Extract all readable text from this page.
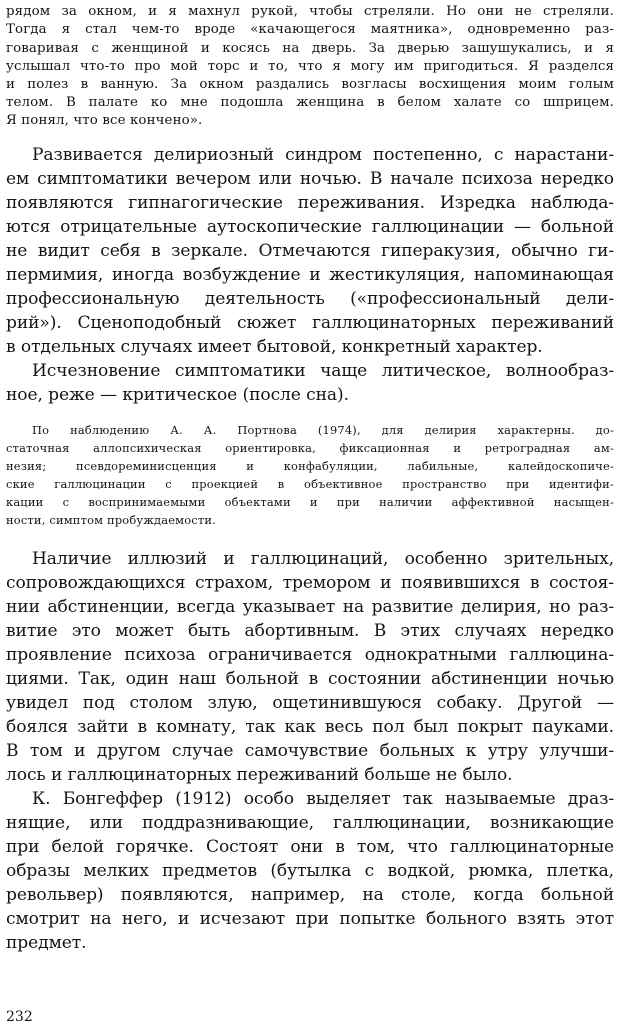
рядом за окном, и я махнул рукой, чтобы стреляли. Но они не стреляли.
Тогда я стал чем-то вроде «качающегося маятника», одновременно раз-
говаривая с женщиной и косясь на дверь. За дверью зашушукались, и я
услышал что-то про мой торс и то, что я могу им пригодиться. Я разделся
и полез в ванную. За окном раздались возгласы восхищения моим голым
телом. В палате ко мне подошла женщина в белом халате со шприцем.
Я понял, что все кончено».
Развивается делириозный синдром постепенно, с нарастани-
ем симптоматики вечером или ночью. В начале психоза нередко
появляются гипнагогические переживания. Изредка наблюда-
ются отрицательные аутоскопические галлюцинации — больной
не видит себя в зеркале. Отмечаются гиперакузия, обычно ги-
пермимия, иногда возбуждение и жестикуляция, напоминающая
профессиональную деятельность («профессиональный дели-
рий»). Сценоподобный сюжет галлюцинаторных переживаний
в отдельных случаях имеет бытовой, конкретный характер.
Исчезновение симптоматики чаще литическое, волнообраз-
ное, реже — критическое (после сна).
По наблюдению А. А. Портнова (1974), для делирия характерны. до-
статочная аллопсихическая ориентировка, фиксационная и ретроградная ам-
незия; псевдореминисценция и конфабуляции, лабильные, калейдоскопиче-
ские галлюцинации с проекцией в объективное пространство при идентифи-
кации с воспринимаемыми объектами и при наличии аффективной насыщен-
ности, симптом пробуждаемости.
Наличие иллюзий и галлюцинаций, особенно зрительных,
сопровождающихся страхом, тремором и появившихся в состоя-
нии абстиненции, всегда указывает на развитие делирия, но раз-
витие это может быть абортивным. В этих случаях нередко
проявление психоза ограничивается однократными галлюцина-
циями. Так, один наш больной в состоянии абстиненции ночью
увидел под столом злую, ощетинившуюся собаку. Другой —
боялся зайти в комнату, так как весь пол был покрыт пауками.
В том и другом случае самочувствие больных к утру улучши-
лось и галлюцинаторных переживаний больше не было.
К. Бонгеффер (1912) особо выделяет так называемые драз-
нящие, или поддразнивающие, галлюцинации, возникающие
при белой горячке. Состоят они в том, что галлюцинаторные
образы мелких предметов (бутылка с водкой, рюмка, плетка,
револьвер) появляются, например, на столе, когда больной
смотрит на него, и исчезают при попытке больного взять этот
предмет.
232
